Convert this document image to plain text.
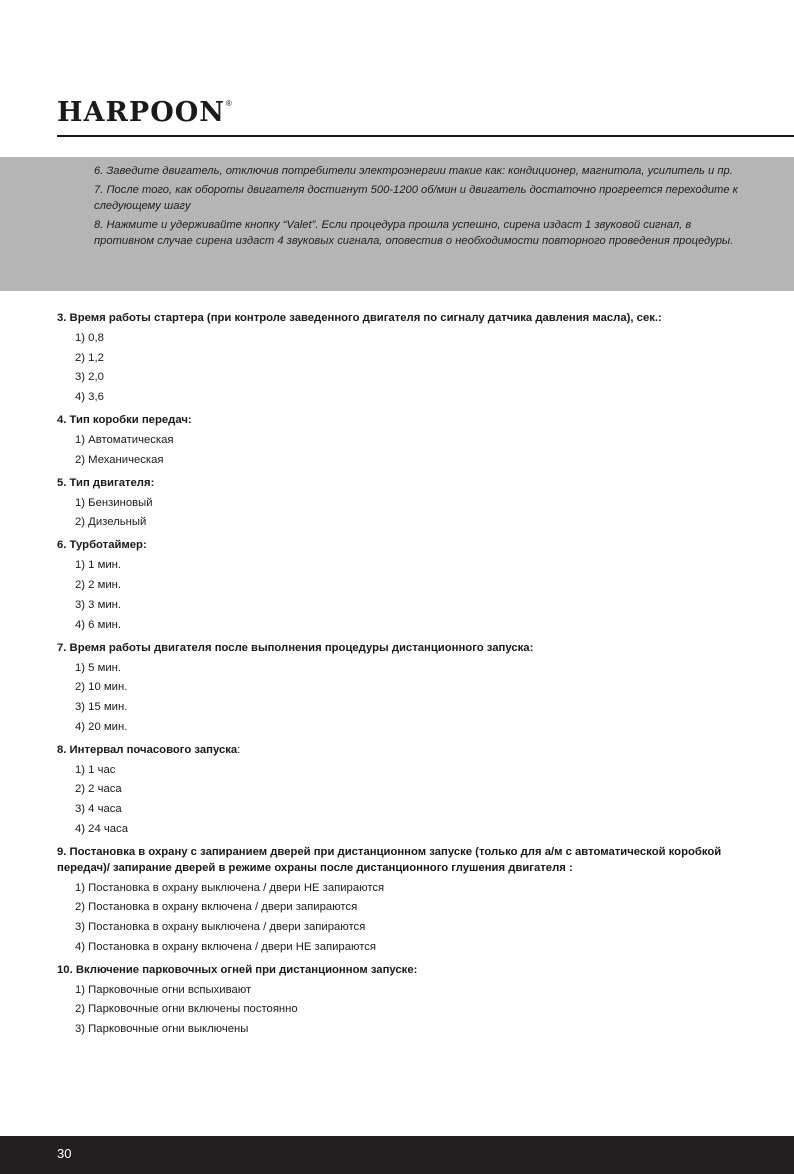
HARPOON ®

6. Заведите двигатель, отключив потребители электроэнергии такие как: кондиционер, магнитола, усилитель и пр.

7. После того, как обороты двигателя достигнут 500-1200 об/мин и двигатель достаточно прогреется переходите к следующему шагу

8. Нажмите и удерживайте кнопку “Valet”. Если процедура прошла успешно, сирена издаст 1 звуковой сигнал, в противном случае сирена издаст 4 звуковых сигнала, оповестив о необходимости повторного проведения процедуры.

3. Время работы стартера (при контроле заведенного двигателя по сигналу датчика давления масла), сек.:
1) 0,8
2) 1,2
3) 2,0
4) 3,6
4. Тип коробки передач:
1) Автоматическая
2) Механическая
5. Тип двигателя:
1) Бензиновый
2) Дизельный
6. Турботаймер:
1) 1 мин.
2) 2 мин.
3) 3 мин.
4) 6 мин.
7. Время работы двигателя после выполнения процедуры дистанционного запуска:
1) 5 мин.
2) 10 мин.
3) 15 мин.
4) 20 мин.
8. Интервал почасового запуска:
1) 1 час
2) 2 часа
3) 4 часа
4) 24 часа
9. Постановка в охрану с запиранием дверей при дистанционном запуске (только для а/м с автоматической коробкой передач)/ запирание дверей в режиме охраны после дистанционного глушения двигателя :
1) Постановка в охрану выключена / двери НЕ запираются
2) Постановка в охрану включена / двери запираются
3) Постановка в охрану выключена / двери запираются
4) Постановка в охрану включена / двери НЕ запираются
10. Включение парковочных огней при дистанционном запуске:
1) Парковочные огни вспыхивают
2) Парковочные огни включены постоянно
3) Парковочные огни выключены
30
